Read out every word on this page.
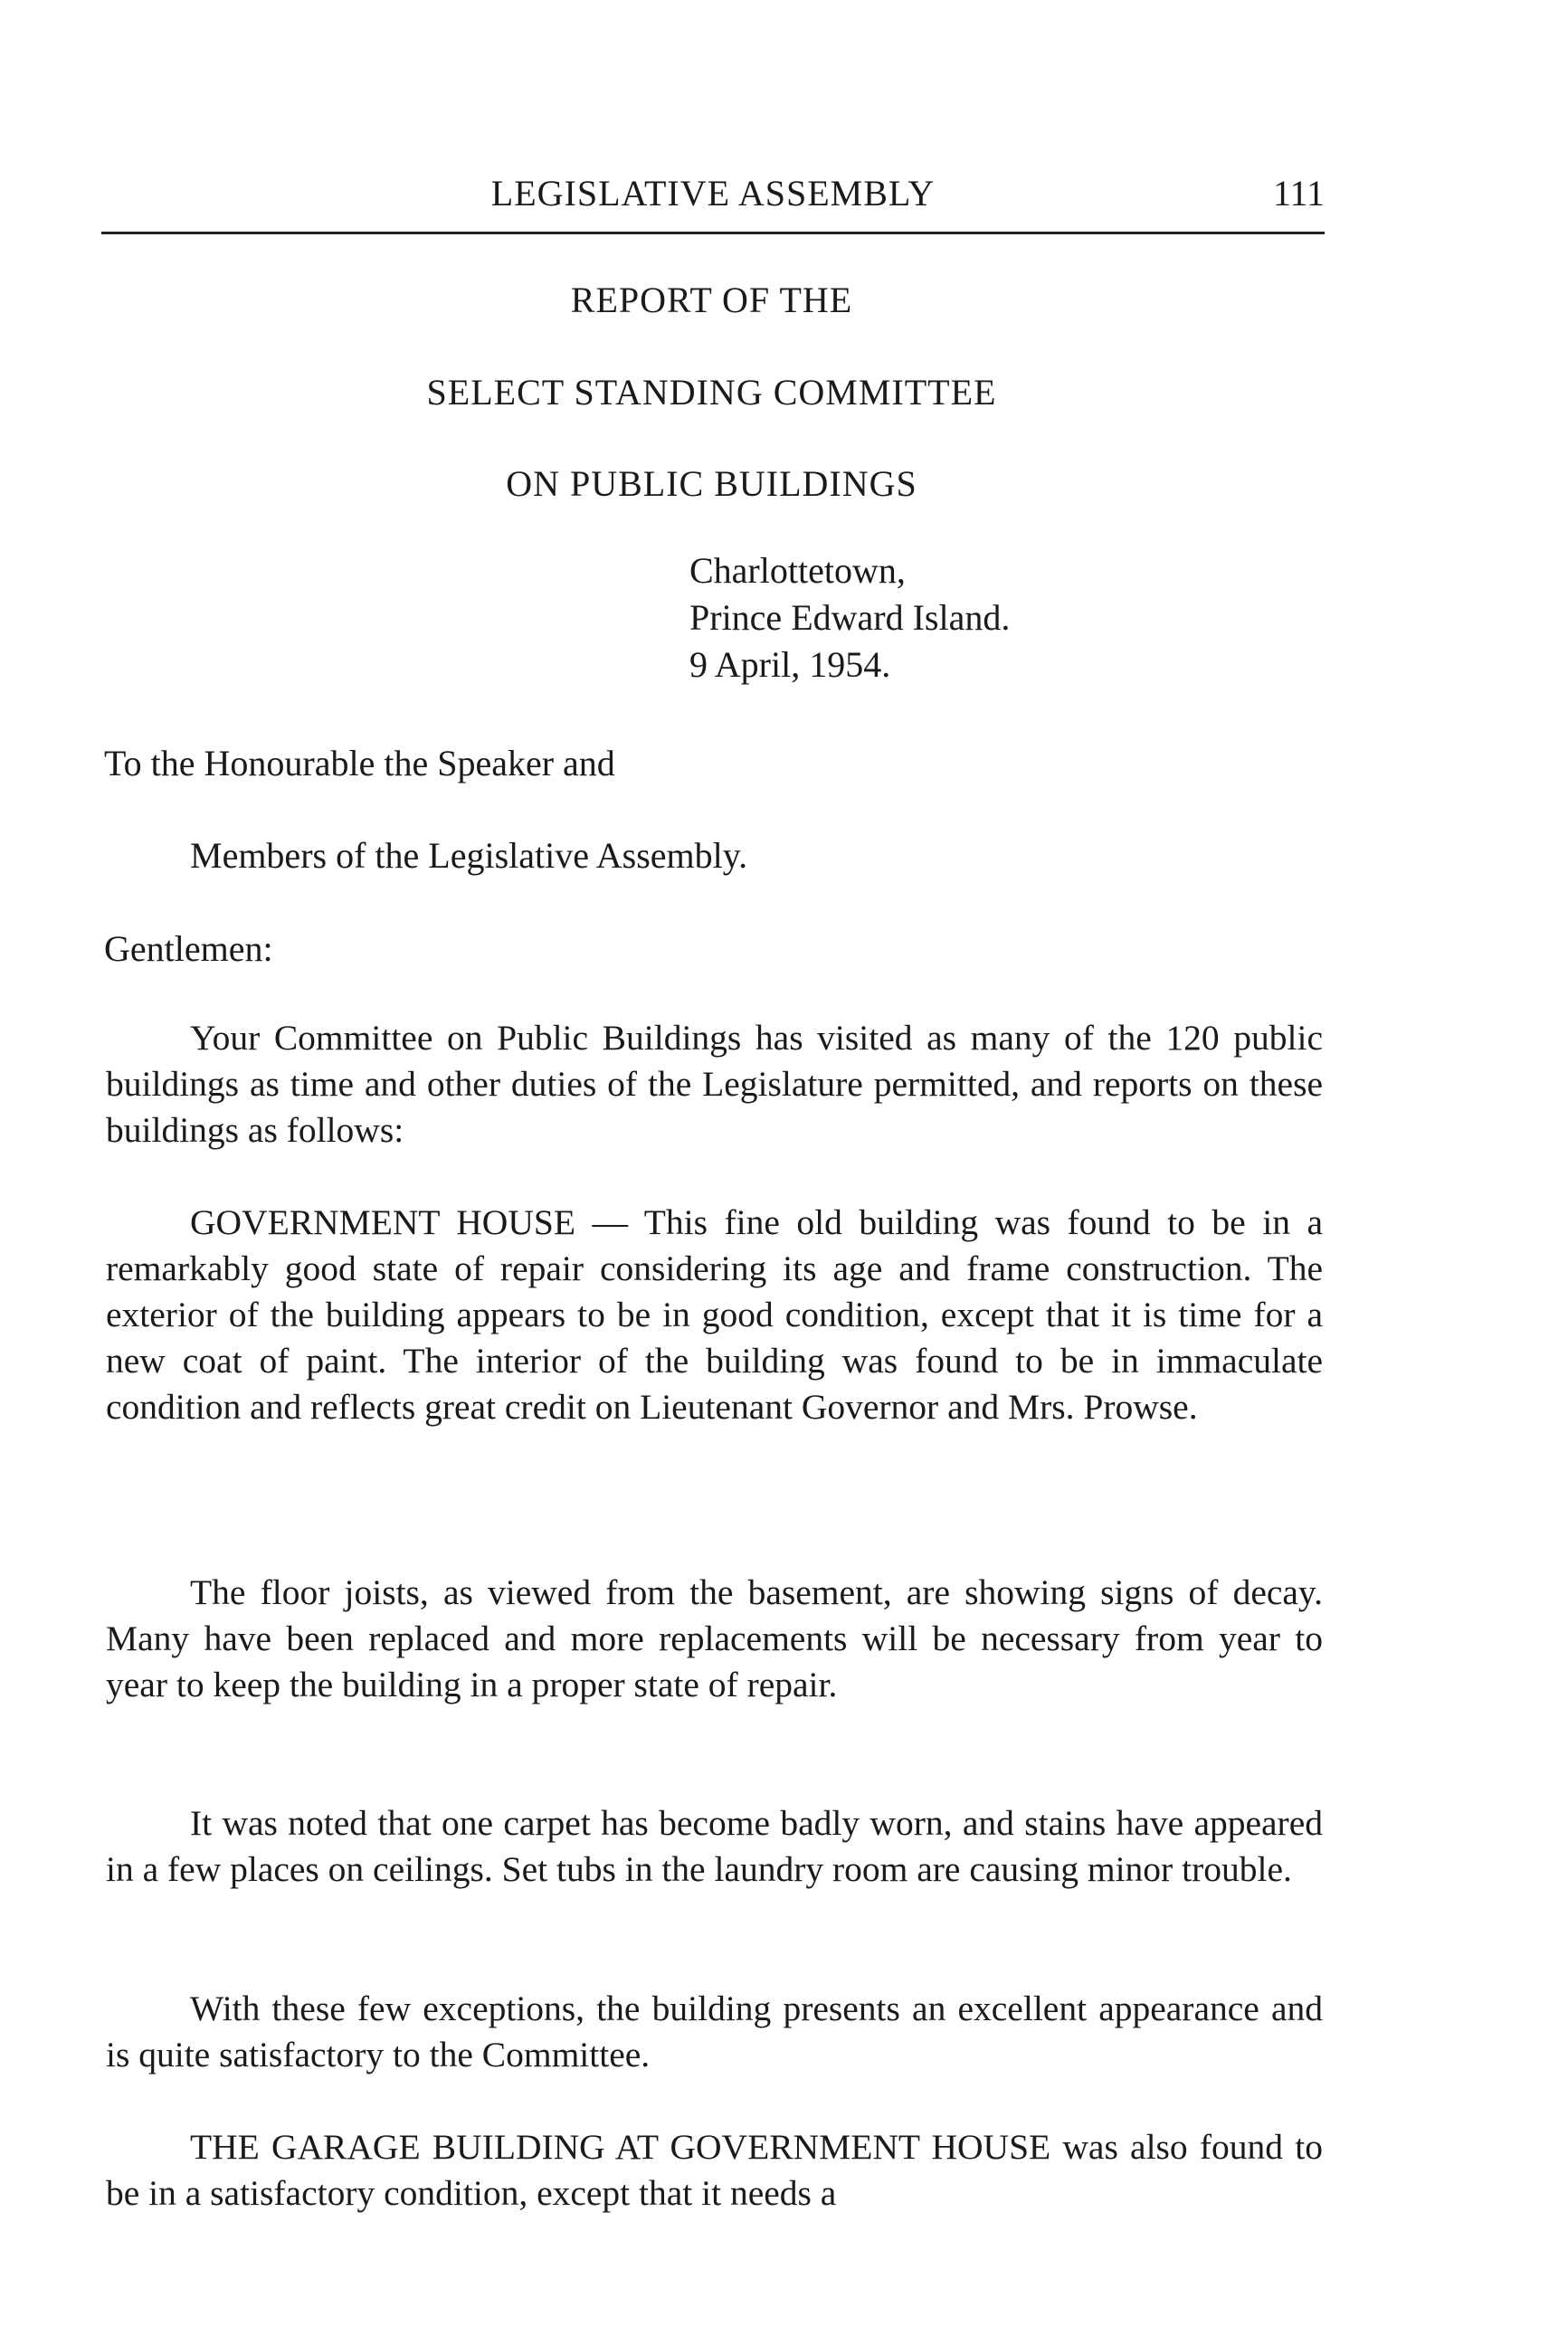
LEGISLATIVE ASSEMBLY	111
REPORT OF THE
SELECT STANDING COMMITTEE
ON PUBLIC BUILDINGS
Charlottetown,
Prince Edward Island.
9 April, 1954.
To the Honourable the Speaker and
Members of the Legislative Assembly.
Gentlemen:

Your Committee on Public Buildings has visited as many of the 120 public buildings as time and other duties of the Legislature permitted, and reports on these buildings as follows:

GOVERNMENT HOUSE — This fine old building was found to be in a remarkably good state of repair considering its age and frame construction. The exterior of the building appears to be in good condition, except that it is time for a new coat of paint. The interior of the building was found to be in immaculate condition and reflects great credit on Lieutenant Governor and Mrs. Prowse.

The floor joists, as viewed from the basement, are showing signs of decay. Many have been replaced and more replacements will be necessary from year to year to keep the building in a proper state of repair.

It was noted that one carpet has become badly worn, and stains have appeared in a few places on ceilings. Set tubs in the laundry room are causing minor trouble.

With these few exceptions, the building presents an excellent appearance and is quite satisfactory to the Committee.

THE GARAGE BUILDING AT GOVERNMENT HOUSE was also found to be in a satisfactory condition, except that it needs a
